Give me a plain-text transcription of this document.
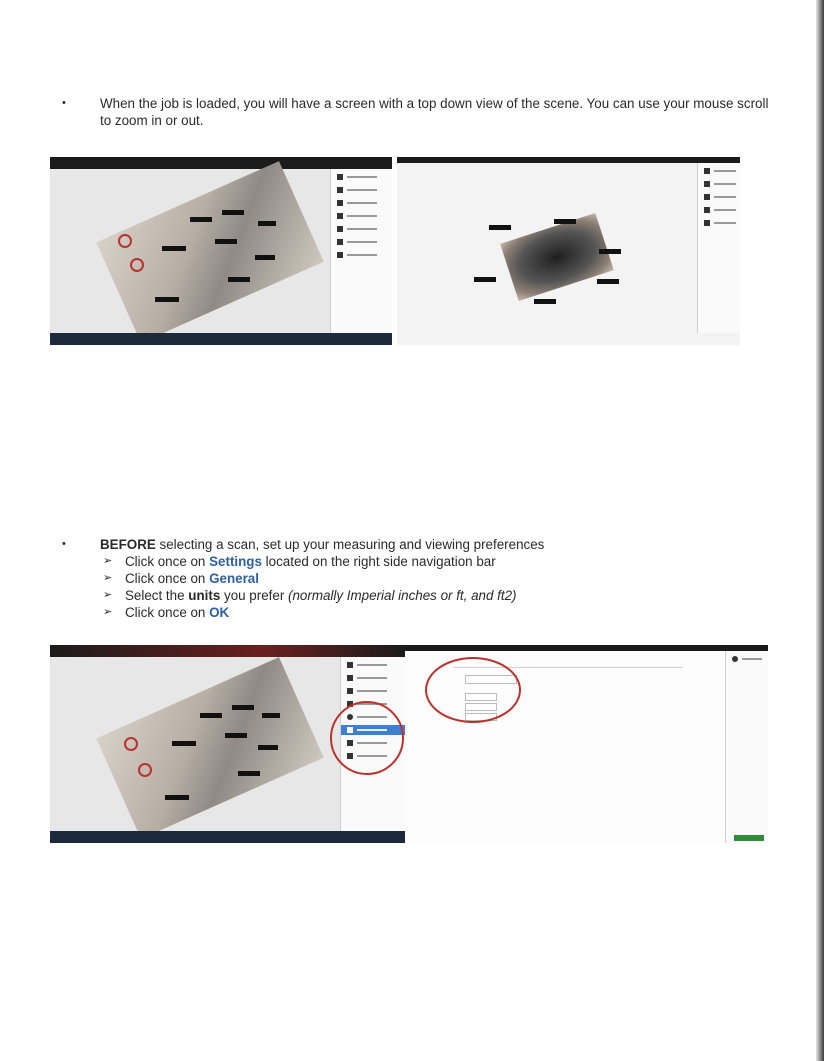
•	When the job is loaded, you will have a screen with a top down view of the scene. You can use your mouse scroll to zoom in or out.
•	BEFORE selecting a scan, set up your measuring and viewing preferences
➢ Click once on Settings located on the right side navigation bar
➢ Click once on General
➢ Select the units you prefer (normally Imperial inches or ft, and ft2)
➢ Click once on OK
